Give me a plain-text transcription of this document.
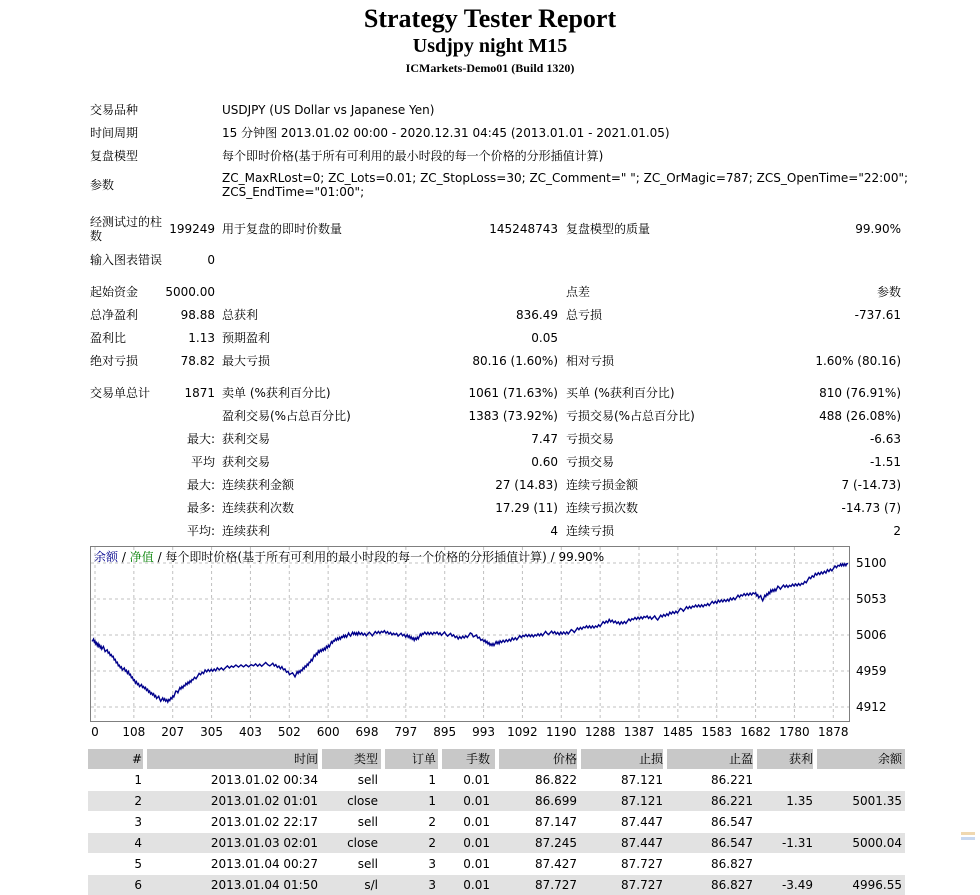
Strategy Tester Report
Usdjpy night M15
ICMarkets-Demo01 (Build 1320)
交易品种	USDJPY (US Dollar vs Japanese Yen)
时间周期	15 分钟图 2013.01.02 00:00 - 2020.12.31 04:45 (2013.01.01 - 2021.01.05)
复盘模型	每个即时价格(基于所有可利用的最小时段的每一个价格的分形插值计算)
参数	ZC_MaxRLost=0; ZC_Lots=0.01; ZC_StopLoss=30; ZC_Comment=" "; ZC_OrMagic=787; ZCS_OpenTime="22:00";
ZCS_EndTime="01:00";
经测试过的柱
数	199249 用于复盘的即时价数量	145248743 复盘模型的质量	99.90%
输入图表错误	0
起始资金	5000.00	点差	参数
总净盈利	98.88 总获利	836.49 总亏损	-737.61
盈利比	1.13 预期盈利	0.05
绝对亏损	78.82 最大亏损	80.16 (1.60%) 相对亏损	1.60% (80.16)
交易单总计	1871 卖单 (%获利百分比)	1061 (71.63%) 买单 (%获利百分比)	810 (76.91%)
盈利交易(%占总百分比)	1383 (73.92%) 亏损交易(%占总百分比)	488 (26.08%)
最大: 获利交易	7.47 亏损交易	-6.63
平均 获利交易	0.60 亏损交易	-1.51
最大: 连续获利金额	27 (14.83) 连续亏损金额	7 (-14.73)
最多: 连续获利次数	17.29 (11) 连续亏损次数	-14.73 (7)
平均: 连续获利	4 连续亏损	2
余额 / 净值 / 每个即时价格(基于所有可利用的最小时段的每一个价格的分形插值计算) / 99.90%	5100
5053
5006
4959
4912
0 108 207 305 403 502 600 698 797 895 993 1092 1190 1288 1387 1485 1583 1682 1780 1878
#	时间	类型	订单	手数	价格	止损	止盈	获利	余额
1	2013.01.02 00:34	sell	1	0.01	86.822	87.121	86.221
2	2013.01.02 01:01	close	1	0.01	86.699	87.121	86.221	1.35	5001.35
3	2013.01.02 22:17	sell	2	0.01	87.147	87.447	86.547
4	2013.01.03 02:01	close	2	0.01	87.245	87.447	86.547	-1.31	5000.04
5	2013.01.04 00:27	sell	3	0.01	87.427	87.727	86.827
6	2013.01.04 01:50	s/l	3	0.01	87.727	87.727	86.827	-3.49	4996.55
